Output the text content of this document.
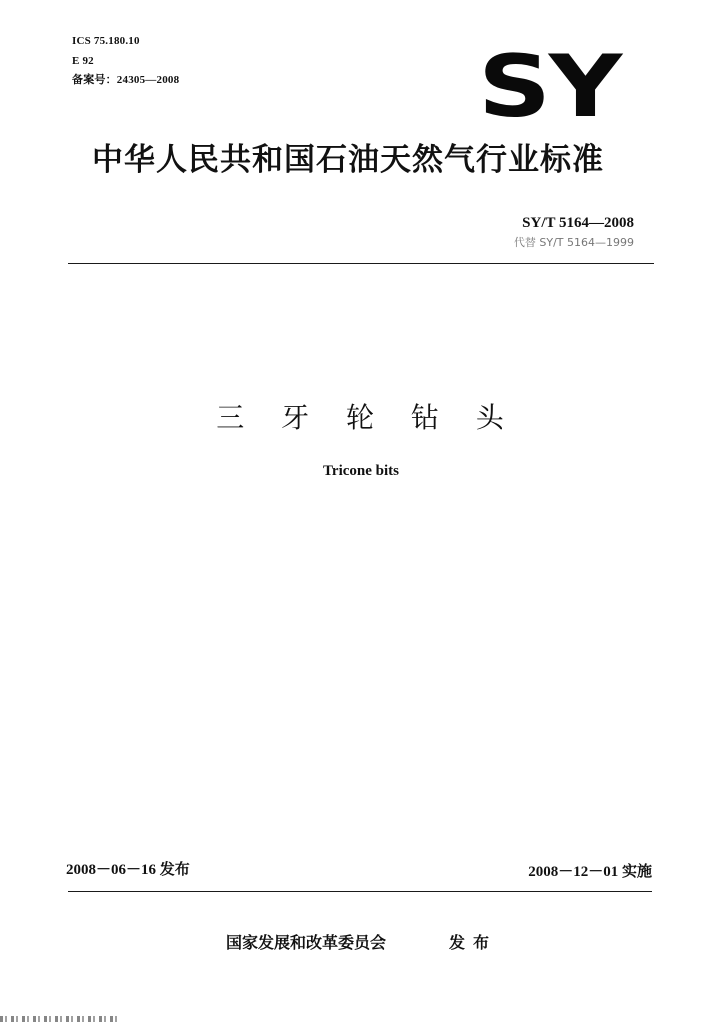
ICS 75.180.10
E 92
备案号：24305—2008	SY
中华人民共和国石油天然气行业标准
SY/T 5164—2008
代替 SY/T 5164—1999
三 牙 轮 钻 头
Tricone bits
2008－06－16 发布	2008－12－01 实施
国家发展和改革委员会	发布
